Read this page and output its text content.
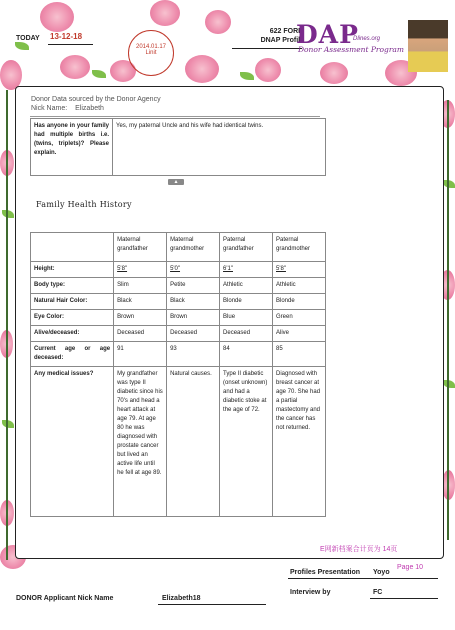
TODAY 13-12-18
2014.01.17
Linit
622 FORM
DNAP Profile
DAP
Dlines.org
Donor Assessment Program
Donor Data sourced by the Donor Agency
Nick Name: Elizabeth
Has anyone in your family had multiple births i.e. (twins, triplets)? Please explain.	Yes, my paternal Uncle and his wife had identical twins.
▴
Family Health History
	Maternal grandfather	Maternal grandmother	Paternal grandfather	Paternal grandmother
Height:	5'8"	5'0"	6'1"	5'8"
Body type:	Slim	Petite	Athletic	Athletic
Natural Hair Color:	Black	Black	Blonde	Blonde
Eye Color:	Brown	Brown	Blue	Green
Alive/deceased:	Deceased	Deceased	Deceased	Alive
Current age or age deceased:	91	93	84	85
Any medical issues?	My grandfather was type II diabetic since his 70's and head a heart attack at age 79. At age 80 he was diagnosed with prostate cancer but lived an active life until he fell at age 89.	Natural causes.	Type II diabetic (onset unknown) and had a diabetic stoke at the age of 72.	Diagnosed with breast cancer at age 70. She had a partial mastectomy and the cancer has not returned.
E网新档案合计页为 14页
Profiles Presentation Yoyo
Page 10
Interview by	FC
DONOR Applicant Nick Name	Elizabeth18
